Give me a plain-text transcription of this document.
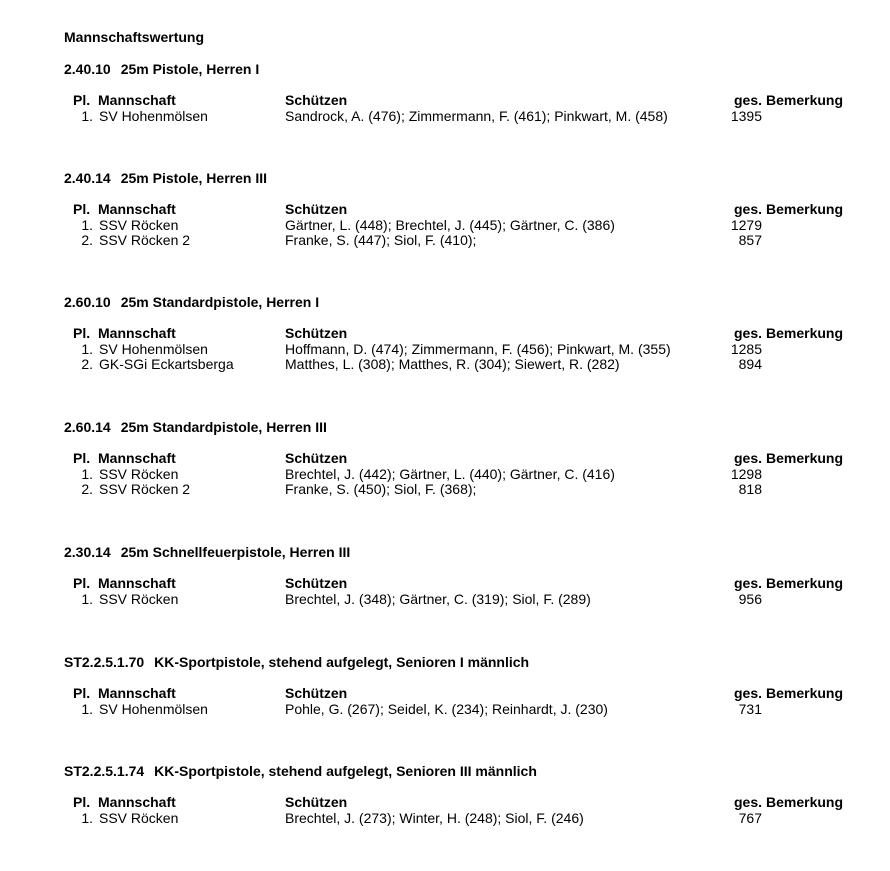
Mannschaftswertung
2.40.10 25m Pistole, Herren I
Pl. Mannschaft	Schützen	ges. Bemerkung
1. SV Hohenmölsen	Sandrock, A. (476); Zimmermann, F. (461); Pinkwart, M. (458)	1395
2.40.14 25m Pistole, Herren III
Pl. Mannschaft	Schützen	ges. Bemerkung
1. SSV Röcken	Gärtner, L. (448); Brechtel, J. (445); Gärtner, C. (386)	1279
2. SSV Röcken 2	Franke, S. (447); Siol, F. (410);	857
2.60.10 25m Standardpistole, Herren I
Pl. Mannschaft	Schützen	ges. Bemerkung
1. SV Hohenmölsen	Hoffmann, D. (474); Zimmermann, F. (456); Pinkwart, M. (355)	1285
2. GK-SGi Eckartsberga	Matthes, L. (308); Matthes, R. (304); Siewert, R. (282)	894
2.60.14 25m Standardpistole, Herren III
Pl. Mannschaft	Schützen	ges. Bemerkung
1. SSV Röcken	Brechtel, J. (442); Gärtner, L. (440); Gärtner, C. (416)	1298
2. SSV Röcken 2	Franke, S. (450); Siol, F. (368);	818
2.30.14 25m Schnellfeuerpistole, Herren III
Pl. Mannschaft	Schützen	ges. Bemerkung
1. SSV Röcken	Brechtel, J. (348); Gärtner, C. (319); Siol, F. (289)	956
ST2.2.5.1.70 KK-Sportpistole, stehend aufgelegt, Senioren I männlich
Pl. Mannschaft	Schützen	ges. Bemerkung
1. SV Hohenmölsen	Pohle, G. (267); Seidel, K. (234); Reinhardt, J. (230)	731
ST2.2.5.1.74 KK-Sportpistole, stehend aufgelegt, Senioren III männlich
Pl. Mannschaft	Schützen	ges. Bemerkung
1. SSV Röcken	Brechtel, J. (273); Winter, H. (248); Siol, F. (246)	767
